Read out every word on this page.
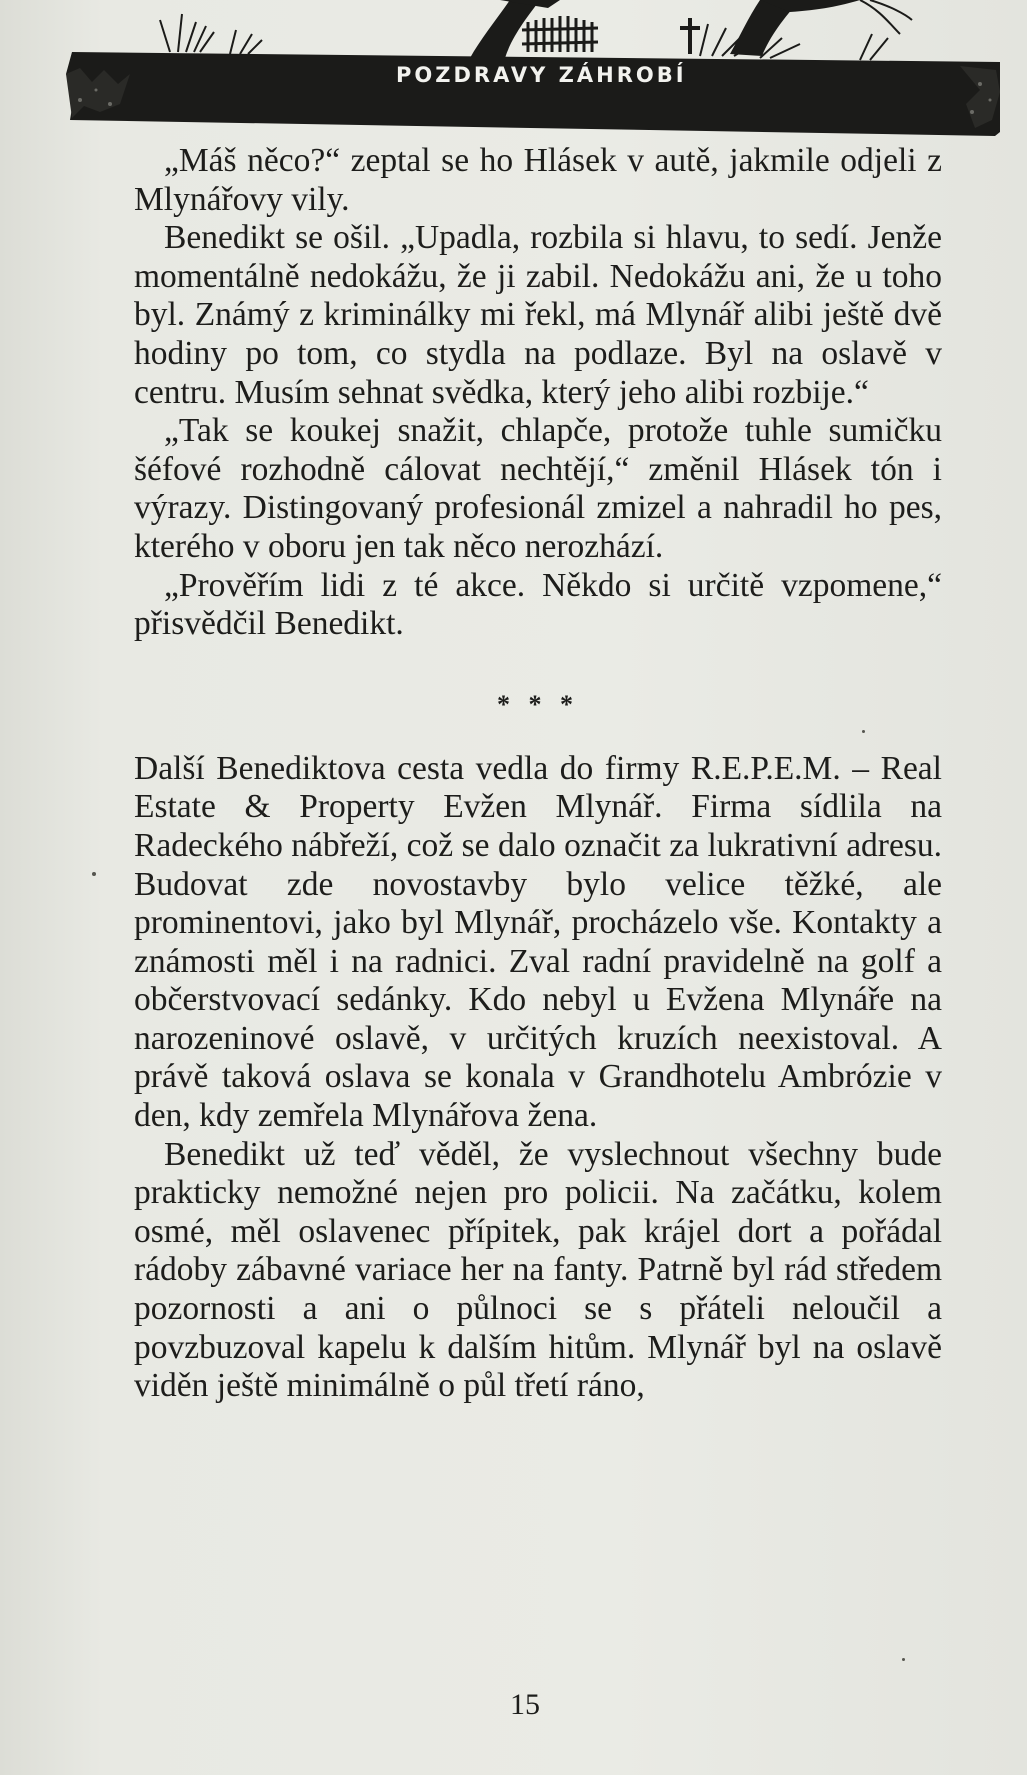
POZDRAVY ZÁHROBÍ

„Máš něco?“ zeptal se ho Hlásek v autě, jakmile odjeli z Mlynářovy vily.

Benedikt se ošil. „Upadla, rozbila si hlavu, to sedí. Jenže momentálně nedokážu, že ji zabil. Nedokážu ani, že u toho byl. Známý z kriminálky mi řekl, má Mlynář alibi ještě dvě hodiny po tom, co stydla na podlaze. Byl na oslavě v centru. Musím sehnat svědka, který jeho alibi rozbije.“

„Tak se koukej snažit, chlapče, protože tuhle sumičku šéfové rozhodně cálovat nechtějí,“ změnil Hlásek tón i výrazy. Distingovaný profesionál zmizel a nahradil ho pes, kterého v oboru jen tak něco nerozhází.

„Prověřím lidi z té akce. Někdo si určitě vzpomene,“ přisvědčil Benedikt.

* * *

Další Benediktova cesta vedla do firmy R.E.P.E.M. – Real Estate & Property Evžen Mlynář. Firma sídlila na Radeckého nábřeží, což se dalo označit za lukrativní adresu. Budovat zde novostavby bylo velice těžké, ale prominentovi, jako byl Mlynář, procházelo vše. Kontakty a známosti měl i na radnici. Zval radní pravidelně na golf a občerstvovací sedánky. Kdo nebyl u Evžena Mlynáře na narozeninové oslavě, v určitých kruzích neexistoval. A právě taková oslava se konala v Grandhotelu Ambrózie v den, kdy zemřela Mlynářova žena.

Benedikt už teď věděl, že vyslechnout všechny bude prakticky nemožné nejen pro policii. Na začátku, kolem osmé, měl oslavenec přípitek, pak krájel dort a pořádal rádoby zábavné variace her na fanty. Patrně byl rád středem pozornosti a ani o půlnoci se s přáteli neloučil a povzbuzoval kapelu k dalším hitům. Mlynář byl na oslavě viděn ještě minimálně o půl třetí ráno,

15
